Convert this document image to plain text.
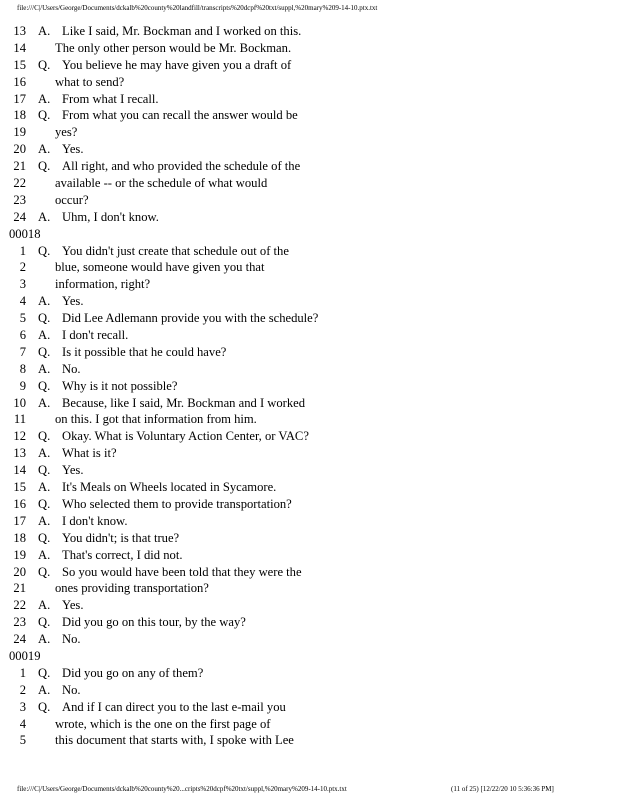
file:///C|/Users/George/Documents/dckalb%20county%20landfill/transcripts%20dcpf%20txt/suppl,%20mary%209-14-10.ptx.txt
13 A. Like I said, Mr. Bockman and I worked on this.
14 The only other person would be Mr. Bockman.
15 Q. You believe he may have given you a draft of
16 what to send?
17 A. From what I recall.
18 Q. From what you can recall the answer would be
19 yes?
20 A. Yes.
21 Q. All right, and who provided the schedule of the
22 available -- or the schedule of what would
23 occur?
24 A. Uhm, I don't know.
00018
1 Q. You didn't just create that schedule out of the
2 blue, someone would have given you that
3 information, right?
4 A. Yes.
5 Q. Did Lee Adlemann provide you with the schedule?
6 A. I don't recall.
7 Q. Is it possible that he could have?
8 A. No.
9 Q. Why is it not possible?
10 A. Because, like I said, Mr. Bockman and I worked
11 on this. I got that information from him.
12 Q. Okay. What is Voluntary Action Center, or VAC?
13 A. What is it?
14 Q. Yes.
15 A. It's Meals on Wheels located in Sycamore.
16 Q. Who selected them to provide transportation?
17 A. I don't know.
18 Q. You didn't; is that true?
19 A. That's correct, I did not.
20 Q. So you would have been told that they were the
21 ones providing transportation?
22 A. Yes.
23 Q. Did you go on this tour, by the way?
24 A. No.
00019
1 Q. Did you go on any of them?
2 A. No.
3 Q. And if I can direct you to the last e-mail you
4 wrote, which is the one on the first page of
5 this document that starts with, I spoke with Lee
file:///C|/Users/George/Documents/dckalb%20county%20...cripts%20dcpf%20txt/suppl,%20mary%209-14-10.ptx.txt	(11 of 25) [12/22/20 10 5:36:36 PM]
